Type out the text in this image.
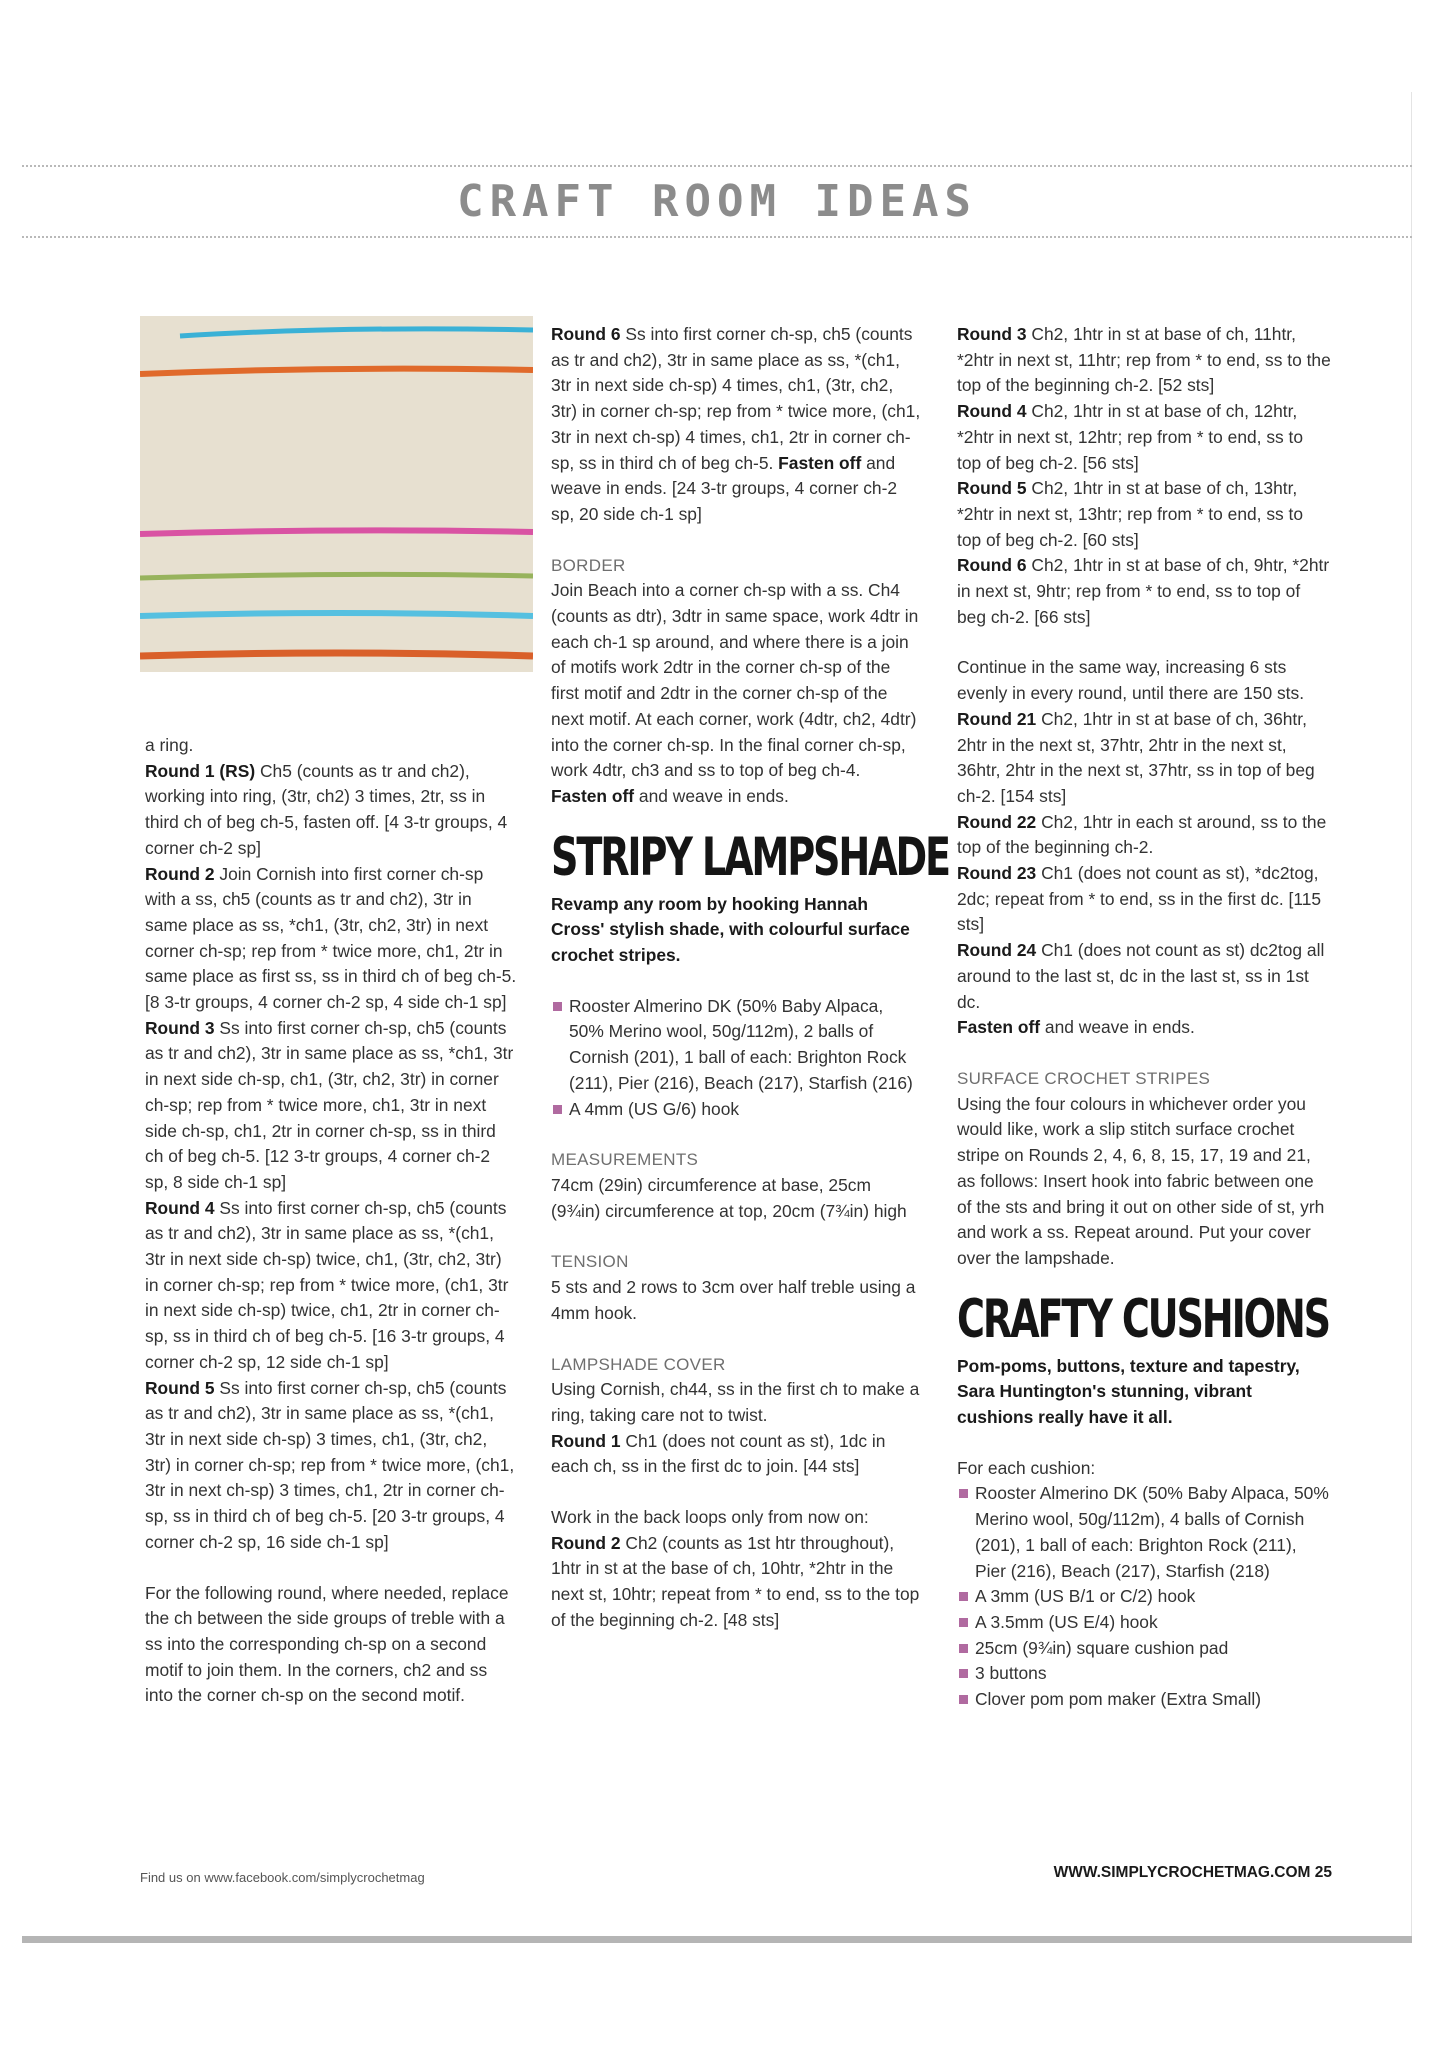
CRAFT ROOM IDEAS

a ring.

Round 1 (RS) Ch5 (counts as tr and ch2), working into ring, (3tr, ch2) 3 times, 2tr, ss in third ch of beg ch-5, fasten off. [4 3-tr groups, 4 corner ch-2 sp]

Round 2 Join Cornish into first corner ch-sp with a ss, ch5 (counts as tr and ch2), 3tr in same place as ss, *ch1, (3tr, ch2, 3tr) in next corner ch-sp; rep from * twice more, ch1, 2tr in same place as first ss, ss in third ch of beg ch-5. [8 3-tr groups, 4 corner ch-2 sp, 4 side ch-1 sp]

Round 3 Ss into first corner ch-sp, ch5 (counts as tr and ch2), 3tr in same place as ss, *ch1, 3tr in next side ch-sp, ch1, (3tr, ch2, 3tr) in corner ch-sp; rep from * twice more, ch1, 3tr in next side ch-sp, ch1, 2tr in corner ch-sp, ss in third ch of beg ch-5. [12 3-tr groups, 4 corner ch-2 sp, 8 side ch-1 sp]

Round 4 Ss into first corner ch-sp, ch5 (counts as tr and ch2), 3tr in same place as ss, *(ch1, 3tr in next side ch-sp) twice, ch1, (3tr, ch2, 3tr) in corner ch-sp; rep from * twice more, (ch1, 3tr in next side ch-sp) twice, ch1, 2tr in corner ch-sp, ss in third ch of beg ch-5. [16 3-tr groups, 4 corner ch-2 sp, 12 side ch-1 sp]

Round 5 Ss into first corner ch-sp, ch5 (counts as tr and ch2), 3tr in same place as ss, *(ch1, 3tr in next side ch-sp) 3 times, ch1, (3tr, ch2, 3tr) in corner ch-sp; rep from * twice more, (ch1, 3tr in next ch-sp) 3 times, ch1, 2tr in corner ch-sp, ss in third ch of beg ch-5. [20 3-tr groups, 4 corner ch-2 sp, 16 side ch-1 sp]

For the following round, where needed, replace the ch between the side groups of treble with a ss into the corresponding ch-sp on a second motif to join them. In the corners, ch2 and ss into the corner ch-sp on the second motif.

Round 6 Ss into first corner ch-sp, ch5 (counts as tr and ch2), 3tr in same place as ss, *(ch1, 3tr in next side ch-sp) 4 times, ch1, (3tr, ch2, 3tr) in corner ch-sp; rep from * twice more, (ch1, 3tr in next ch-sp) 4 times, ch1, 2tr in corner ch-sp, ss in third ch of beg ch-5. Fasten off and weave in ends. [24 3-tr groups, 4 corner ch-2 sp, 20 side ch-1 sp]

BORDER

Join Beach into a corner ch-sp with a ss. Ch4 (counts as dtr), 3dtr in same space, work 4dtr in each ch-1 sp around, and where there is a join of motifs work 2dtr in the corner ch-sp of the first motif and 2dtr in the corner ch-sp of the next motif. At each corner, work (4dtr, ch2, 4dtr) into the corner ch-sp. In the final corner ch-sp, work 4dtr, ch3 and ss to top of beg ch-4.
Fasten off and weave in ends.

STRIPY LAMPSHADE

Revamp any room by hooking Hannah Cross' stylish shade, with colourful surface crochet stripes.

Rooster Almerino DK (50% Baby Alpaca, 50% Merino wool, 50g/112m), 2 balls of Cornish (201), 1 ball of each: Brighton Rock (211), Pier (216), Beach (217), Starfish (216)

A 4mm (US G/6) hook

MEASUREMENTS

74cm (29in) circumference at base, 25cm (9¾in) circumference at top, 20cm (7¾in) high

TENSION

5 sts and 2 rows to 3cm over half treble using a 4mm hook.

LAMPSHADE COVER

Using Cornish, ch44, ss in the first ch to make a ring, taking care not to twist.

Round 1 Ch1 (does not count as st), 1dc in each ch, ss in the first dc to join. [44 sts]

Work in the back loops only from now on:

Round 2 Ch2 (counts as 1st htr throughout), 1htr in st at the base of ch, 10htr, *2htr in the next st, 10htr; repeat from * to end, ss to the top of the beginning ch-2. [48 sts]

Round 3 Ch2, 1htr in st at base of ch, 11htr, *2htr in next st, 11htr; rep from * to end, ss to the top of the beginning ch-2. [52 sts]

Round 4 Ch2, 1htr in st at base of ch, 12htr, *2htr in next st, 12htr; rep from * to end, ss to top of beg ch-2. [56 sts]

Round 5 Ch2, 1htr in st at base of ch, 13htr, *2htr in next st, 13htr; rep from * to end, ss to top of beg ch-2. [60 sts]

Round 6 Ch2, 1htr in st at base of ch, 9htr, *2htr in next st, 9htr; rep from * to end, ss to top of beg ch-2. [66 sts]

Continue in the same way, increasing 6 sts evenly in every round, until there are 150 sts.

Round 21 Ch2, 1htr in st at base of ch, 36htr, 2htr in the next st, 37htr, 2htr in the next st, 36htr, 2htr in the next st, 37htr, ss in top of beg ch-2. [154 sts]

Round 22 Ch2, 1htr in each st around, ss to the top of the beginning ch-2.

Round 23 Ch1 (does not count as st), *dc2tog, 2dc; repeat from * to end, ss in the first dc. [115 sts]

Round 24 Ch1 (does not count as st) dc2tog all around to the last st, dc in the last st, ss in 1st dc.

Fasten off and weave in ends.

SURFACE CROCHET STRIPES

Using the four colours in whichever order you would like, work a slip stitch surface crochet stripe on Rounds 2, 4, 6, 8, 15, 17, 19 and 21, as follows: Insert hook into fabric between one of the sts and bring it out on other side of st, yrh and work a ss. Repeat around. Put your cover over the lampshade.

CRAFTY CUSHIONS

Pom-poms, buttons, texture and tapestry, Sara Huntington's stunning, vibrant cushions really have it all.

For each cushion:

Rooster Almerino DK (50% Baby Alpaca, 50% Merino wool, 50g/112m), 4 balls of Cornish (201), 1 ball of each: Brighton Rock (211), Pier (216), Beach (217), Starfish (218)

A 3mm (US B/1 or C/2) hook

A 3.5mm (US E/4) hook

25cm (9¾in) square cushion pad

3 buttons

Clover pom pom maker (Extra Small)

Find us on www.facebook.com/simplycrochetmag	WWW.SIMPLYCROCHETMAG.COM 25
